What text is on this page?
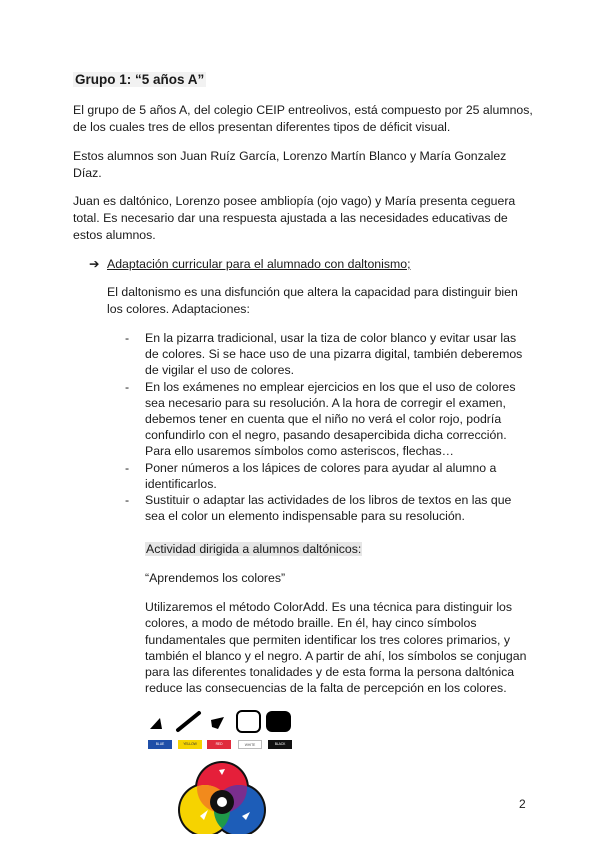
Grupo 1: “5 años A”
El grupo de 5 años A, del colegio CEIP entreolivos, está compuesto por 25 alumnos, de los cuales tres de ellos presentan diferentes tipos de déficit visual.
Estos alumnos son Juan Ruíz García, Lorenzo Martín Blanco y María Gonzalez Díaz.
Juan es daltónico, Lorenzo posee ambliopía (ojo vago) y María presenta ceguera total. Es necesario dar una respuesta ajustada a las necesidades educativas de estos alumnos.
➔ Adaptación curricular para el alumnado con daltonismo;
El daltonismo es una disfunción que altera la capacidad para distinguir bien los colores. Adaptaciones:
- En la pizarra tradicional, usar la tiza de color blanco y evitar usar las de colores. Si se hace uso de una pizarra digital, también deberemos de vigilar el uso de colores.
- En los exámenes no emplear ejercicios en los que el uso de colores sea necesario para su resolución. A la hora de corregir el examen, debemos tener en cuenta que el niño no verá el color rojo, podría confundirlo con el negro, pasando desapercibida dicha corrección. Para ello usaremos símbolos como asteriscos, flechas…
- Poner números a los lápices de colores para ayudar al alumno a identificarlos.
- Sustituir o adaptar las actividades de los libros de textos en las que sea el color un elemento indispensable para su resolución.
Actividad dirigida a alumnos daltónicos:
“Aprendemos los colores”
Utilizaremos el método ColorAdd. Es una técnica para distinguir los colores, a modo de método braille. En él, hay cinco símbolos fundamentales que permiten identificar los tres colores primarios, y también el blanco y el negro. A partir de ahí, los símbolos se conjugan para las diferentes tonalidades y de esta forma la persona daltónica reduce las consecuencias de la falta de percepción en los colores.
BLUE	YELLOW	RED	WHITE	BLACK
2
